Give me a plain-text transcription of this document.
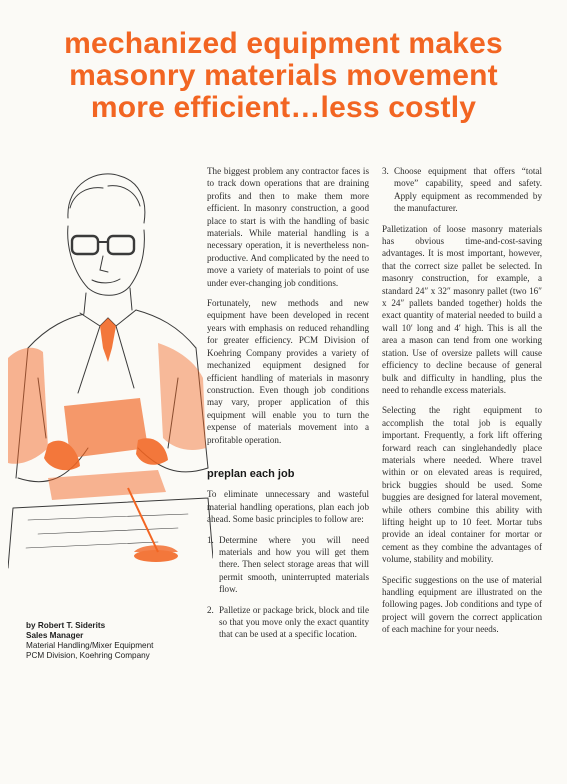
mechanized equipment makes
masonry materials movement
more efficient…less costly
by Robert T. Siderits
Sales Manager
Material Handling/Mixer Equipment
PCM Division, Koehring Company

The biggest problem any contractor faces is to track down operations that are draining profits and then to make them more efficient. In masonry construction, a good place to start is with the handling of basic materials. While material handling is a necessary operation, it is nevertheless non-productive. And complicated by the need to move a variety of materials to point of use under ever-changing job conditions.

Fortunately, new methods and new equipment have been developed in recent years with emphasis on reduced rehandling for greater efficiency. PCM Division of Koehring Company provides a variety of mechanized equipment designed for efficient handling of materials in masonry construction. Even though job conditions may vary, proper application of this equipment will enable you to turn the expense of materials movement into a profitable operation.

preplan each job

To eliminate unnecessary and wasteful material handling operations, plan each job ahead. Some basic principles to follow are:

1. Determine where you will need materials and how you will get them there. Then select storage areas that will permit smooth, uninterrupted materials flow.
2. Palletize or package brick, block and tile so that you move only the exact quantity that can be used at a specific location.
3. Choose equipment that offers “total move” capability, speed and safety. Apply equipment as recommended by the manufacturer.

Palletization of loose masonry materials has obvious time-and-cost-saving advantages. It is most important, however, that the correct size pallet be selected. In masonry construction, for example, a standard 24″ x 32″ masonry pallet (two 16″ x 24″ pallets banded together) holds the exact quantity of material needed to build a wall 10′ long and 4′ high. This is all the area a mason can tend from one working station. Use of oversize pallets will cause efficiency to decline because of general bulk and difficulty in handling, plus the need to rehandle excess materials.

Selecting the right equipment to accomplish the total job is equally important. Frequently, a fork lift offering forward reach can singlehandedly place materials where needed. Where travel within or on elevated areas is required, brick buggies should be used. Some buggies are designed for lateral movement, while others combine this ability with lifting height up to 10 feet. Mortar tubs provide an ideal container for mortar or cement as they combine the advantages of volume, stability and mobility.

Specific suggestions on the use of material handling equipment are illustrated on the following pages. Job conditions and type of project will govern the correct application of each machine for your needs.
